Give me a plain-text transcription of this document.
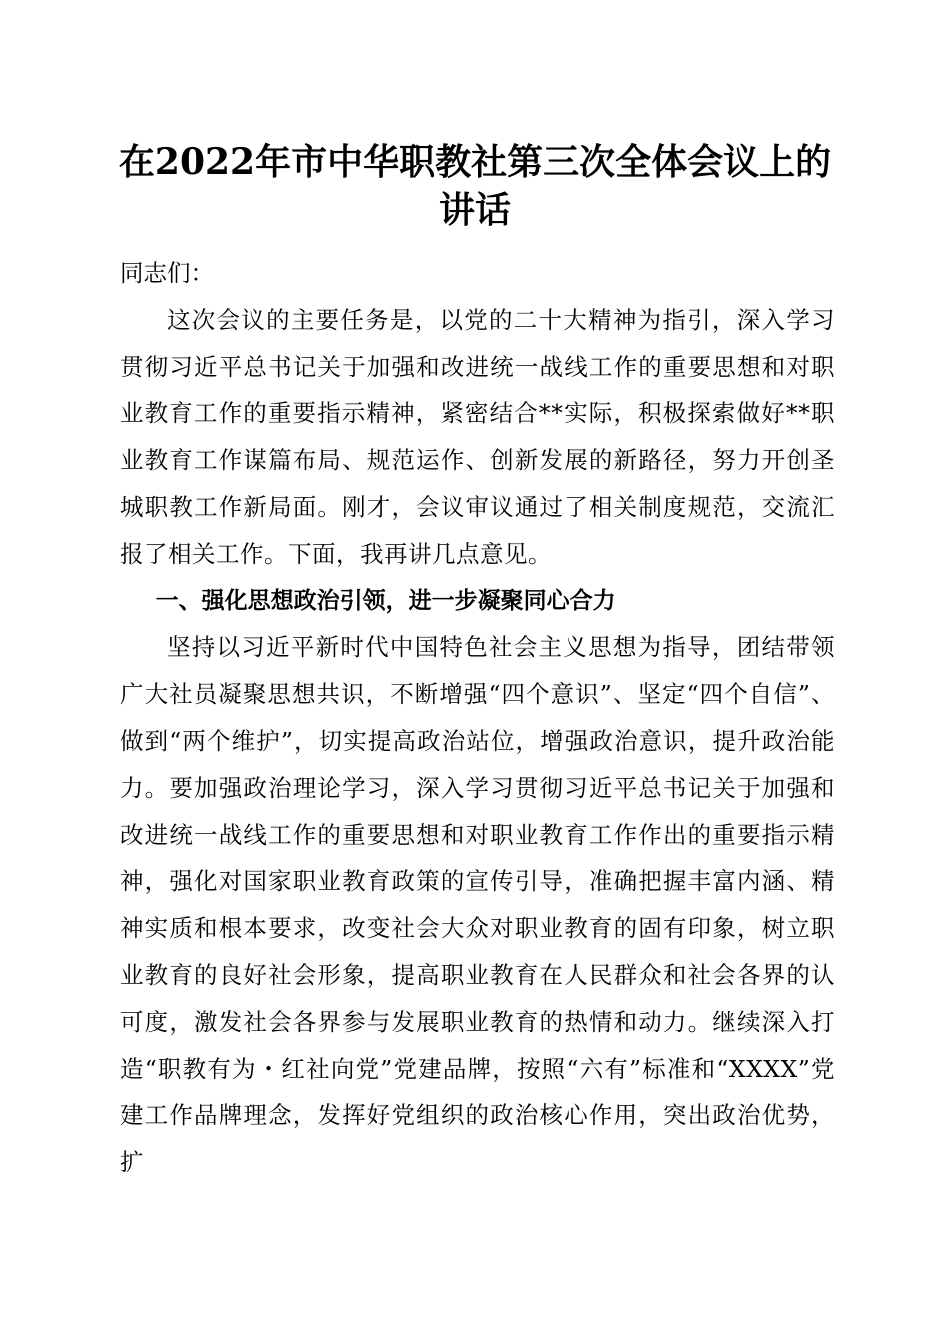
在2022年市中华职教社第三次全体会议上的
讲话

同志们：

这次会议的主要任务是，以党的二十大精神为指引，深入学习贯彻习近平总书记关于加强和改进统一战线工作的重要思想和对职业教育工作的重要指示精神，紧密结合**实际，积极探索做好**职业教育工作谋篇布局、规范运作、创新发展的新路径，努力开创圣城职教工作新局面。刚才，会议审议通过了相关制度规范，交流汇报了相关工作。下面，我再讲几点意见。

一、强化思想政治引领，进一步凝聚同心合力

坚持以习近平新时代中国特色社会主义思想为指导，团结带领广大社员凝聚思想共识，不断增强“四个意识”、坚定“四个自信”、做到“两个维护”，切实提高政治站位，增强政治意识，提升政治能力。要加强政治理论学习，深入学习贯彻习近平总书记关于加强和改进统一战线工作的重要思想和对职业教育工作作出的重要指示精神，强化对国家职业教育政策的宣传引导，准确把握丰富内涵、精神实质和根本要求，改变社会大众对职业教育的固有印象，树立职业教育的良好社会形象，提高职业教育在人民群众和社会各界的认可度，激发社会各界参与发展职业教育的热情和动力。继续深入打造“职教有为・红社向党”党建品牌，按照“六有”标准和“XXXX”党建工作品牌理念，发挥好党组织的政治核心作用，突出政治优势，扩
